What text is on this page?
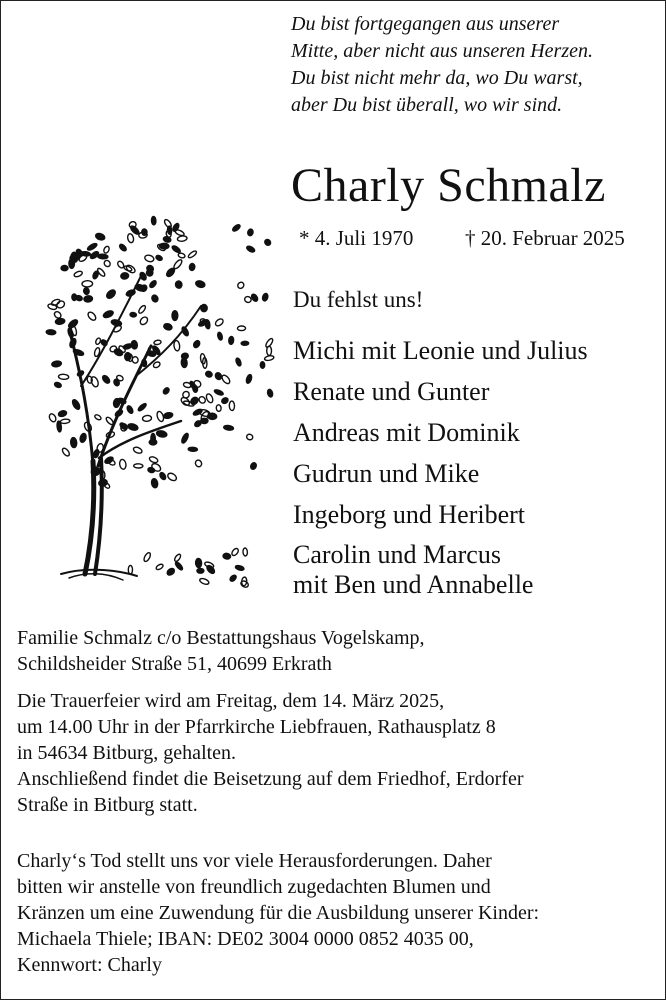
Du bist fortgegangen aus unserer
Mitte, aber nicht aus unseren Herzen.
Du bist nicht mehr da, wo Du warst,
aber Du bist überall, wo wir sind.
Charly Schmalz
* 4. Juli 1970 † 20. Februar 2025
Du fehlst uns!
Michi mit Leonie und Julius
Renate und Gunter
Andreas mit Dominik
Gudrun und Mike
Ingeborg und Heribert
Carolin und Marcus
mit Ben und Annabelle
Familie Schmalz c/o Bestattungshaus Vogelskamp,
Schildsheider Straße 51, 40699 Erkrath
Die Trauerfeier wird am Freitag, dem 14. März 2025,
um 14.00 Uhr in der Pfarrkirche Liebfrauen, Rathausplatz 8
in 54634 Bitburg, gehalten.
Anschließend findet die Beisetzung auf dem Friedhof, Erdorfer
Straße in Bitburg statt.
Charly‘s Tod stellt uns vor viele Herausforderungen. Daher
bitten wir anstelle von freundlich zugedachten Blumen und
Kränzen um eine Zuwendung für die Ausbildung unserer Kinder:
Michaela Thiele; IBAN: DE02 3004 0000 0852 4035 00,
Kennwort: Charly
